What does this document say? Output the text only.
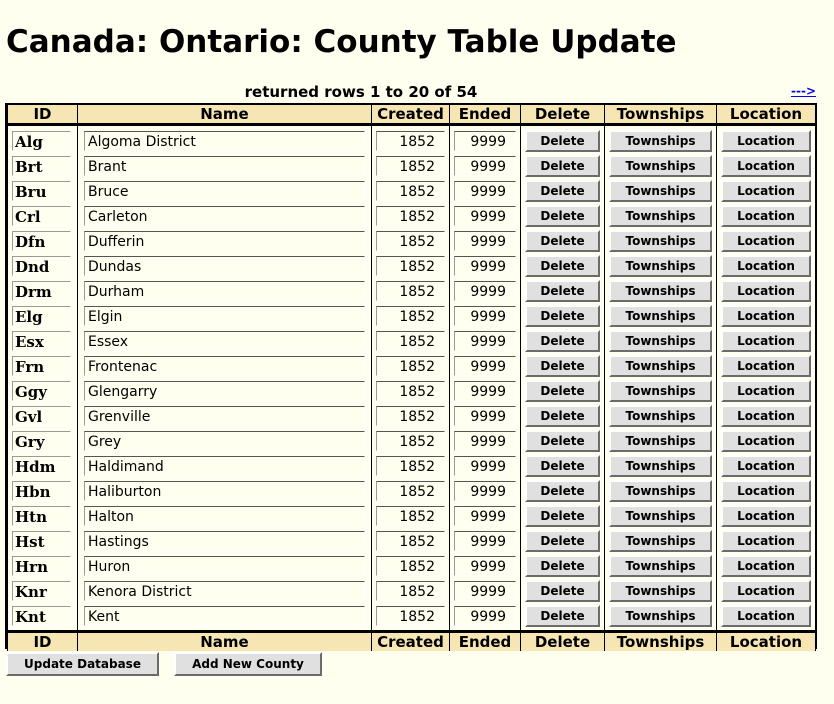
Canada: Ontario: County Table Update
returned rows 1 to 20 of 54	--->
ID	Name	Created	Ended	Delete	Townships	Location

Alg	Algoma District	1852	9999	Delete	Townships	Location

Brt	Brant	1852	9999	Delete	Townships	Location

Bru	Bruce	1852	9999	Delete	Townships	Location

Crl	Carleton	1852	9999	Delete	Townships	Location

Dfn	Dufferin	1852	9999	Delete	Townships	Location

Dnd	Dundas	1852	9999	Delete	Townships	Location

Drm	Durham	1852	9999	Delete	Townships	Location

Elg	Elgin	1852	9999	Delete	Townships	Location

Esx	Essex	1852	9999	Delete	Townships	Location

Frn	Frontenac	1852	9999	Delete	Townships	Location

Ggy	Glengarry	1852	9999	Delete	Townships	Location

Gvl	Grenville	1852	9999	Delete	Townships	Location

Gry	Grey	1852	9999	Delete	Townships	Location

Hdm	Haldimand	1852	9999	Delete	Townships	Location

Hbn	Haliburton	1852	9999	Delete	Townships	Location

Htn	Halton	1852	9999	Delete	Townships	Location

Hst	Hastings	1852	9999	Delete	Townships	Location

Hrn	Huron	1852	9999	Delete	Townships	Location

Knr	Kenora District	1852	9999	Delete	Townships	Location

Knt	Kent	1852	9999	Delete	Townships	Location

ID	Name	Created	Ended	Delete	Townships	Location
Update Database	Add New County
